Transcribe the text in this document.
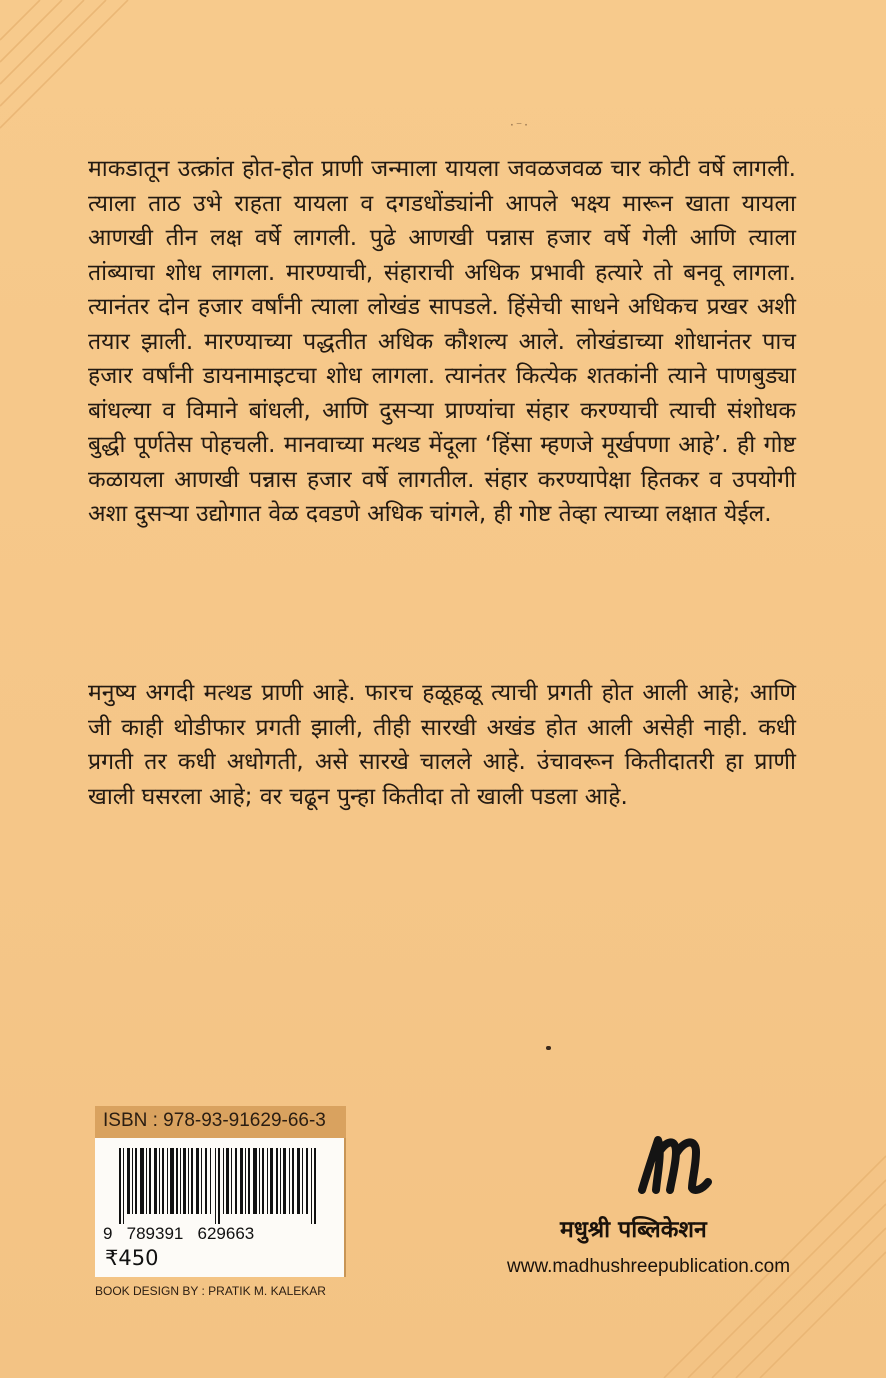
·⁻·

माकडातून उत्क्रांत होत-होत प्राणी जन्माला यायला जवळजवळ चार कोटी वर्षे लागली. त्याला ताठ उभे राहता यायला व दगडधोंड्यांनी आपले भक्ष्य मारून खाता यायला आणखी तीन लक्ष वर्षे लागली. पुढे आणखी पन्नास हजार वर्षे गेली आणि त्याला तांब्याचा शोध लागला. मारण्याची, संहाराची अधिक प्रभावी हत्यारे तो बनवू लागला. त्यानंतर दोन हजार वर्षांनी त्याला लोखंड सापडले. हिंसेची साधने अधिकच प्रखर अशी तयार झाली. मारण्याच्या पद्धतीत अधिक कौशल्य आले. लोखंडाच्या शोधानंतर पाच हजार वर्षांनी डायनामाइटचा शोध लागला. त्यानंतर कित्येक शतकांनी त्याने पाणबुड्या बांधल्या व विमाने बांधली, आणि दुसऱ्या प्राण्यांचा संहार करण्याची त्याची संशोधक बुद्धी पूर्णतेस पोहचली. मानवाच्या मत्थड मेंदूला ‘हिंसा म्हणजे मूर्खपणा आहे’. ही गोष्ट कळायला आणखी पन्नास हजार वर्षे लागतील. संहार करण्यापेक्षा हितकर व उपयोगी अशा दुसऱ्या उद्योगात वेळ दवडणे अधिक चांगले, ही गोष्ट तेव्हा त्याच्या लक्षात येईल.

मनुष्य अगदी मत्थड प्राणी आहे. फारच हळूहळू त्याची प्रगती होत आली आहे; आणि जी काही थोडीफार प्रगती झाली, तीही सारखी अखंड होत आली असेही नाही. कधी प्रगती तर कधी अधोगती, असे सारखे चालले आहे. उंचावरून कितीदातरी हा प्राणी खाली घसरला आहे; वर चढून पुन्हा कितीदा तो खाली पडला आहे.

ISBN : 978-93-91629-66-3
9   789391   629663
₹450
BOOK DESIGN BY : PRATIK M. KALEKAR
मधुश्री पब्लिकेशन
www.madhushreepublication.com
